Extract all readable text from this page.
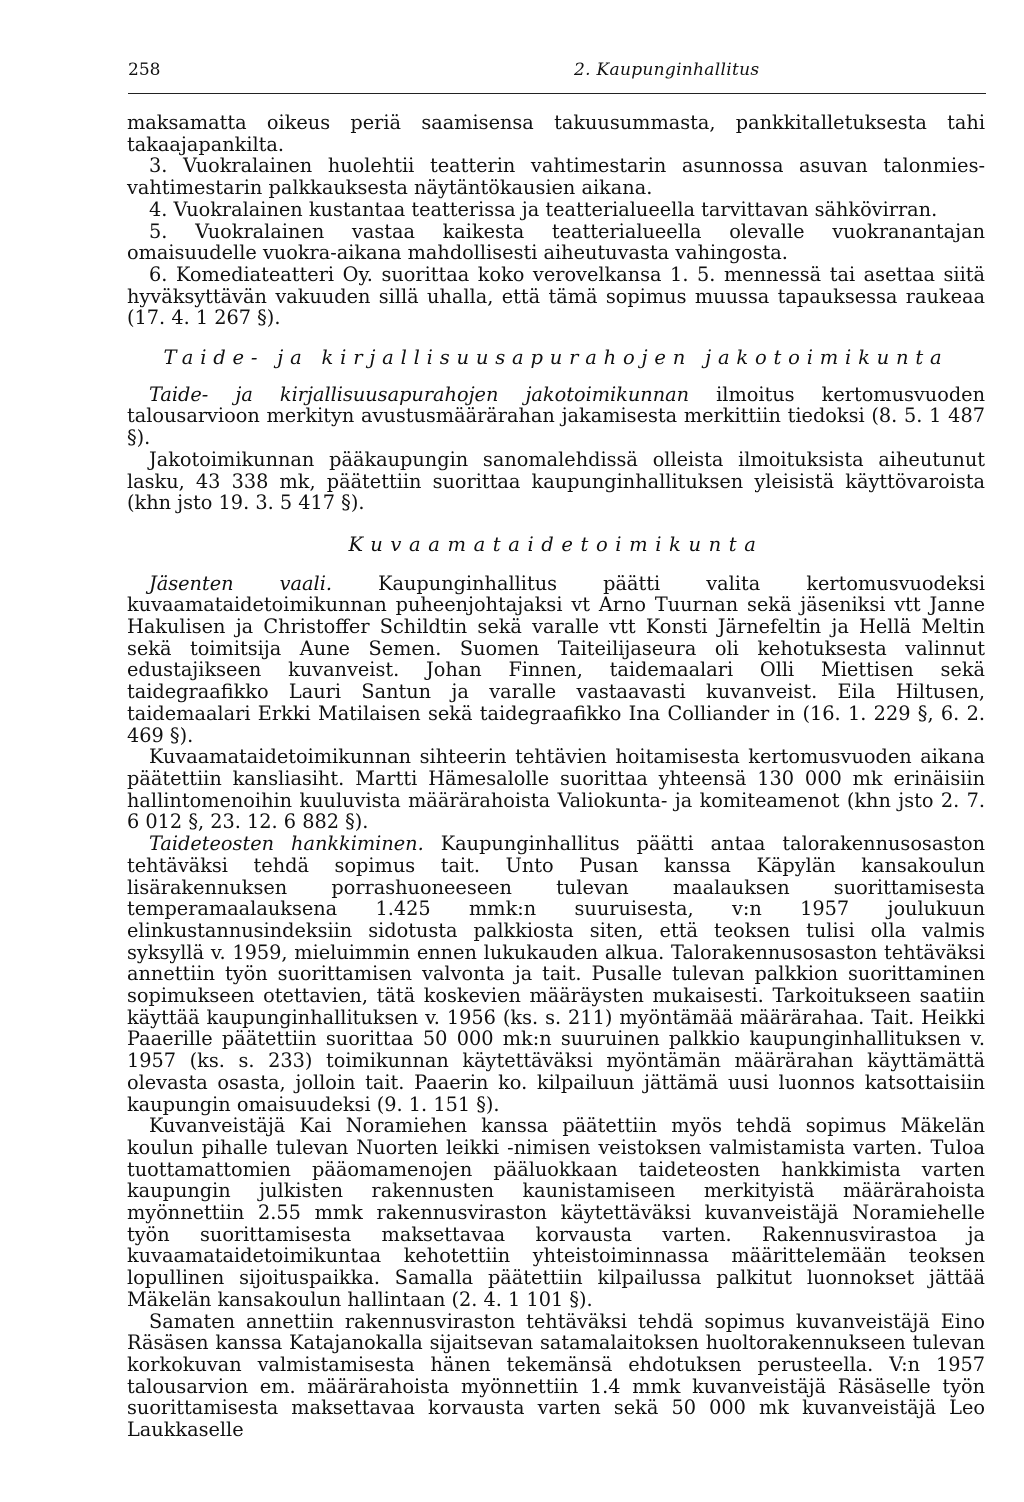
258	2. Kaupunginhallitus

maksamatta oikeus periä saamisensa takuusummasta, pankkitalletuksesta tahi takaajapankilta.

3. Vuokralainen huolehtii teatterin vahtimestarin asunnossa asuvan talonmies-vahtimestarin palkkauksesta näytäntökausien aikana.

4. Vuokralainen kustantaa teatterissa ja teatterialueella tarvittavan sähkövirran.

5. Vuokralainen vastaa kaikesta teatterialueella olevalle vuokranantajan omaisuudelle vuokra-aikana mahdollisesti aiheutuvasta vahingosta.

6. Komediateatteri Oy. suorittaa koko verovelkansa 1. 5. mennessä tai asettaa siitä hyväksyttävän vakuuden sillä uhalla, että tämä sopimus muussa tapauksessa raukeaa (17. 4. 1 267 §).

Taide- ja kirjallisuusapurahojen jakotoimikunta

Taide- ja kirjallisuusapurahojen jakotoimikunnan ilmoitus kertomusvuoden talousarvioon merkityn avustusmäärärahan jakamisesta merkittiin tiedoksi (8. 5. 1 487 §).

Jakotoimikunnan pääkaupungin sanomalehdissä olleista ilmoituksista aiheutunut lasku, 43 338 mk, päätettiin suorittaa kaupunginhallituksen yleisistä käyttövaroista (khn jsto 19. 3. 5 417 §).

Kuvaamataidetoimikunta

Jäsenten vaali. Kaupunginhallitus päätti valita kertomusvuodeksi kuvaamataidetoimikunnan puheenjohtajaksi vt Arno Tuurnan sekä jäseniksi vtt Janne Hakulisen ja Christoffer Schildtin sekä varalle vtt Konsti Järnefeltin ja Hellä Meltin sekä toimitsija Aune Semen. Suomen Taiteilijaseura oli kehotuksesta valinnut edustajikseen kuvanveist. Johan Finnen, taidemaalari Olli Miettisen sekä taidegraafikko Lauri Santun ja varalle vastaavasti kuvanveist. Eila Hiltusen, taidemaalari Erkki Matilaisen sekä taidegraafikko Ina Colliander in (16. 1. 229 §, 6. 2. 469 §).

Kuvaamataidetoimikunnan sihteerin tehtävien hoitamisesta kertomusvuoden aikana päätettiin kansliasiht. Martti Hämesalolle suorittaa yhteensä 130 000 mk erinäisiin hallintomenoihin kuuluvista määrärahoista Valiokunta- ja komiteamenot (khn jsto 2. 7. 6 012 §, 23. 12. 6 882 §).

Taideteosten hankkiminen. Kaupunginhallitus päätti antaa talorakennusosaston tehtäväksi tehdä sopimus tait. Unto Pusan kanssa Käpylän kansakoulun lisärakennuksen porrashuoneeseen tulevan maalauksen suorittamisesta temperamaalauksena 1.425 mmk:n suuruisesta, v:n 1957 joulukuun elinkustannusindeksiin sidotusta palkkiosta siten, että teoksen tulisi olla valmis syksyllä v. 1959, mieluimmin ennen lukukauden alkua. Talorakennusosaston tehtäväksi annettiin työn suorittamisen valvonta ja tait. Pusalle tulevan palkkion suorittaminen sopimukseen otettavien, tätä koskevien määräysten mukaisesti. Tarkoitukseen saatiin käyttää kaupunginhallituksen v. 1956 (ks. s. 211) myöntämää määrärahaa. Tait. Heikki Paaerille päätettiin suorittaa 50 000 mk:n suuruinen palkkio kaupunginhallituksen v. 1957 (ks. s. 233) toimikunnan käytettäväksi myöntämän määrärahan käyttämättä olevasta osasta, jolloin tait. Paaerin ko. kilpailuun jättämä uusi luonnos katsottaisiin kaupungin omaisuudeksi (9. 1. 151 §).

Kuvanveistäjä Kai Noramiehen kanssa päätettiin myös tehdä sopimus Mäkelän koulun pihalle tulevan Nuorten leikki -nimisen veistoksen valmistamista varten. Tuloa tuottamattomien pääomamenojen pääluokkaan taideteosten hankkimista varten kaupungin julkisten rakennusten kaunistamiseen merkityistä määrärahoista myönnettiin 2.55 mmk rakennusviraston käytettäväksi kuvanveistäjä Noramiehelle työn suorittamisesta maksettavaa korvausta varten. Rakennusvirastoa ja kuvaamataidetoimikuntaa kehotettiin yhteistoiminnassa määrittelemään teoksen lopullinen sijoituspaikka. Samalla päätettiin kilpailussa palkitut luonnokset jättää Mäkelän kansakoulun hallintaan (2. 4. 1 101 §).

Samaten annettiin rakennusviraston tehtäväksi tehdä sopimus kuvanveistäjä Eino Räsäsen kanssa Katajanokalla sijaitsevan satamalaitoksen huoltorakennukseen tulevan korkokuvan valmistamisesta hänen tekemänsä ehdotuksen perusteella. V:n 1957 talousarvion em. määrärahoista myönnettiin 1.4 mmk kuvanveistäjä Räsäselle työn suorittamisesta maksettavaa korvausta varten sekä 50 000 mk kuvanveistäjä Leo Laukkaselle
